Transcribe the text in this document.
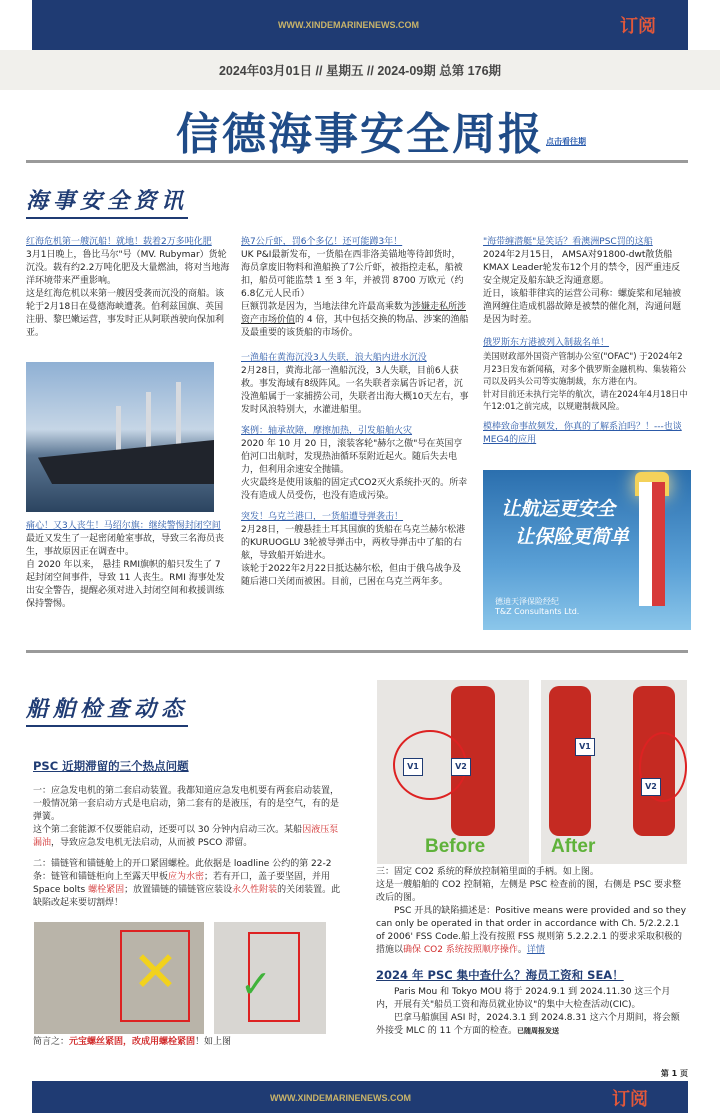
WWW.XINDEMARINENEWS.COM	订阅
2024年03月01日 // 星期五 // 2024-09期 总第 176期
信德海事安全周报 点击看往期
海事安全资讯
红海危机第一艘沉船！就地！载着2万多吨化肥
3月1日晚上，鲁比马尔"号（MV. Rubymar）货轮沉没。载有约2.2万吨化肥及大量燃油，将对当地海洋环境带来严重影响。
这是红海危机以来第一艘因受袭而沉没的商船。该轮于2月18日在曼德海峡遭袭。伯利兹国旗、英国注册、黎巴嫩运营，事发时正从阿联酋驶向保加利亚。
痛心！又3人丧生！马绍尔旗：继续警惕封闭空间
最近又发生了一起密闭舱室事故，导致三名海员丧生，事故原因正在调查中。
自 2020 年以来， 悬挂 RMI旗帜的船只发生了 7 起封闭空间事件，导致 11 人丧生。RMI 海事处发出安全警告，提醒必须对进入封闭空间和救援训练保持警惕。
换7公斤虾，罚6个多亿！还可能蹲3年！
UK P&I最新发布，一货船在西非洛美锚地等待卸货时，海员拿废旧物料和渔船换了7公斤虾，被指控走私，船被扣，船员可能监禁 1 至 3 年，并被罚 8700 万欧元（约6.8亿元人民币）
巨额罚款是因为，当地法律允许最高乘数为涉嫌走私所涉资产市场价值的 4 倍，其中包括交换的物品、涉案的渔船及最重要的该货船的市场价。
一渔船在黄海沉没3人失联，浪大船内进水沉没
2月28日，黄海北部一渔船沉没，3人失联，目前6人获救。事发海域有8级阵风。一名失联者亲属告诉记者，沉没渔船属于一家捕捞公司，失联者出海大概10天左右，事发时风浪特别大，水灌进船里。
案例：轴承故障，摩擦加热，引发船舶火灾
2020 年 10 月 20 日，滚装客轮"赫尔之傲"号在英国亨伯河口出航时，发现热油循环泵附近起火。随后失去电力，但利用余速安全抛锚。
火灾最终是使用该船的固定式CO2灭火系统扑灭的。所幸没有造成人员受伤，也没有造成污染。
突发！乌克兰港口，一货船遭导弹袭击！
2月28日，一艘悬挂土耳其国旗的货船在乌克兰赫尔松港的KURUOGLU 3轮被导弹击中，两枚导弹击中了船的右舷，导致船开始进水。
该轮于2022年2月22日抵达赫尔松，但由于俄乌战争及随后港口关闭而被困。目前，已困在乌克兰两年多。
"海带缠潜艇"是笑话？看澳洲PSC罚的这船
2024年2月15日， AMSA对91800-dwt散货船KMAX Leader轮发布12个月的禁令，因严重违反安全规定及船东缺乏沟通意愿。
近日，该船菲律宾的运营公司称：螺旋桨和尾轴被渔网缠住造成机器故障是被禁的催化剂，沟通问题是因为时差。
俄罗斯东方港被列入制裁名单！
美国财政部外国资产管制办公室("OFAC") 于2024年2月23日发布新闻稿，对多个俄罗斯金融机构、集装箱公司以及码头公司等实施制裁，东方港在内。
针对目前还未执行完毕的航次，请在2024年4月18日中午12:01之前完成，以规避制裁风险。
模棒致命事故频发，你真的了解系泊吗？！---也谈MEG4的应用
让航运更安全
让保险更简单
德迪天泽保险经纪
T&Z Consultants Ltd.
船舶检查动态
PSC 近期滞留的三个热点问题
一：应急发电机的第二套启动装置。我都知道应急发电机要有两套启动装置，一般情况第一套启动方式是电启动，第二套有的是液压，有的是空气，有的是弹簧。
这个第二套能源不仅要能启动，还要可以 30 分钟内启动三次。某船因液压泵漏油，导致应急发电机无法启动，从而被 PSCO 滞留。
二：锚链管和锚链舱上的开口紧固螺栓。此依据是 loadline 公约的第 22-2 条：链管和锚链柜向上至露天甲板应为水密；若有开口，盖子要坚固，并用 Space bolts 螺栓紧固；放置锚链的锚链管应装设永久性附装的关闭装置。此缺陷改起来要切割焊！
✕ ✓
简言之：元宝螺丝紧固，改成用螺栓紧固！如上图
V1	V2
Before
V1
V2
After
三：固定 CO2 系统的释放控制箱里面的手柄。如上图。
这是一艘船舶的 CO2 控制箱，左侧是 PSC 检查前的图，右侧是 PSC 要求整改后的图。
PSC 开具的缺陷描述是：Positive means were provided and so they can only be operated in that order in accordance with Ch. 5/2.2.2.1 of 2006' FSS Code.船上没有按照 FSS 规则第 5.2.2.2.1 的要求采取积极的措施以确保 CO2 系统按照顺序操作。详情
2024 年 PSC 集中查什么？海员工资和 SEA！
Paris Mou 和 Tokyo MOU 将于 2024.9.1 到 2024.11.30 这三个月内，开展有关"船员工资和海员就业协议"的集中大检查活动(CIC)。
巴拿马船旗国 ASI 时，2024.3.1 到 2024.8.31 这六个月期间，将会额外接受 MLC 的 11 个方面的检查。已随周报发送
第 1 页
WWW.XINDEMARINENEWS.COM	订阅
